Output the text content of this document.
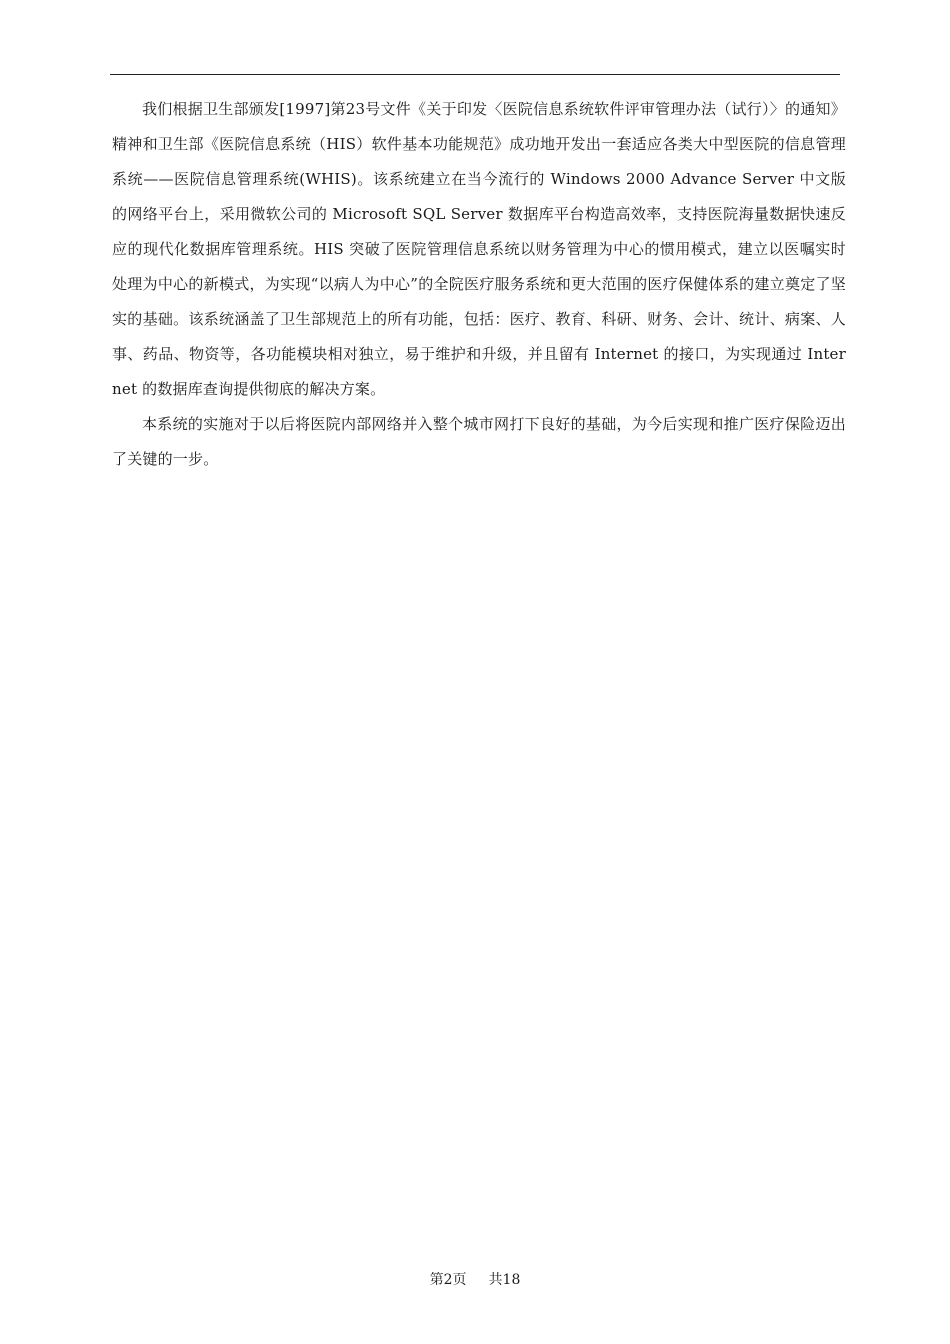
我们根据卫生部颁发[1997]第23号文件《关于印发〈医院信息系统软件评审管理办法（试行）〉的通知》精神和卫生部《医院信息系统（HIS）软件基本功能规范》成功地开发出一套适应各类大中型医院的信息管理系统——医院信息管理系统(WHIS)。该系统建立在当今流行的 Windows 2000 Advance Server 中文版的网络平台上，采用微软公司的 Microsoft SQL Server 数据库平台构造高效率，支持医院海量数据快速反应的现代化数据库管理系统。HIS 突破了医院管理信息系统以财务管理为中心的惯用模式，建立以医嘱实时处理为中心的新模式，为实现“以病人为中心”的全院医疗服务系统和更大范围的医疗保健体系的建立奠定了坚实的基础。该系统涵盖了卫生部规范上的所有功能，包括：医疗、教育、科研、财务、会计、统计、病案、人事、药品、物资等，各功能模块相对独立，易于维护和升级，并且留有 Internet 的接口，为实现通过 Internet 的数据库查询提供彻底的解决方案。

本系统的实施对于以后将医院内部网络并入整个城市网打下良好的基础，为今后实现和推广医疗保险迈出了关键的一步。

第2页 共18
